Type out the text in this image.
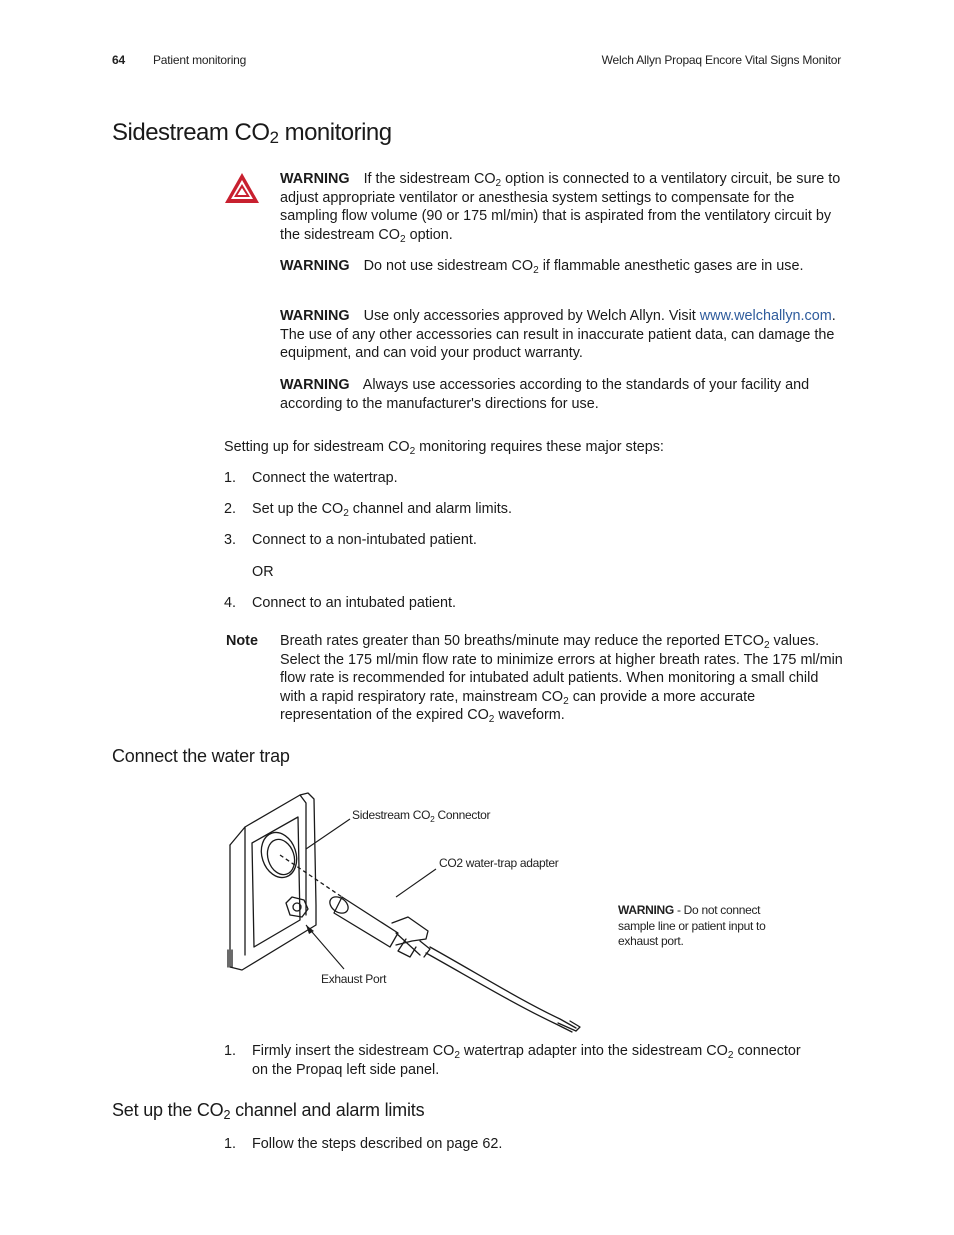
64 Patient monitoring	Welch Allyn Propaq Encore Vital Signs Monitor
Sidestream $CO_2$ monitoring
WARNING If the sidestream $CO_2$ option is connected to a ventilatory circuit, be sure to adjust appropriate ventilator or anesthesia system settings to compensate for the sampling flow volume (90 or 175 ml/min) that is aspirated from the ventilatory circuit by the sidestream $CO_2$ option.
WARNING Do not use sidestream $CO_2$ if flammable anesthetic gases are in use.
WARNING Use only accessories approved by Welch Allyn. Visit www.welchallyn.com. The use of any other accessories can result in inaccurate patient data, can damage the equipment, and can void your product warranty.
WARNING Always use accessories according to the standards of your facility and according to the manufacturer's directions for use.
Setting up for sidestream $CO_2$ monitoring requires these major steps:
1. Connect the watertrap.
2. Set up the $CO_2$ channel and alarm limits.
3. Connect to a non-intubated patient.
OR
4. Connect to an intubated patient.
Note Breath rates greater than 50 breaths/minute may reduce the reported $ETCO_2$ values. Select the 175 ml/min flow rate to minimize errors at higher breath rates. The 175 ml/min flow rate is recommended for intubated adult patients. When monitoring a small child with a rapid respiratory rate, mainstream $CO_2$ can provide a more accurate representation of the expired $CO_2$ waveform.
Connect the water trap
Sidestream $CO_2$ Connector
CO2 water-trap adapter
Exhaust Port
WARNING - Do not connect sample line or patient input to exhaust port.
1.	Firmly insert the sidestream $CO_2$ watertrap adapter into the sidestream $CO_2$ connector on the Propaq left side panel.
Set up the $CO_2$ channel and alarm limits
1. Follow the steps described on page 62.
